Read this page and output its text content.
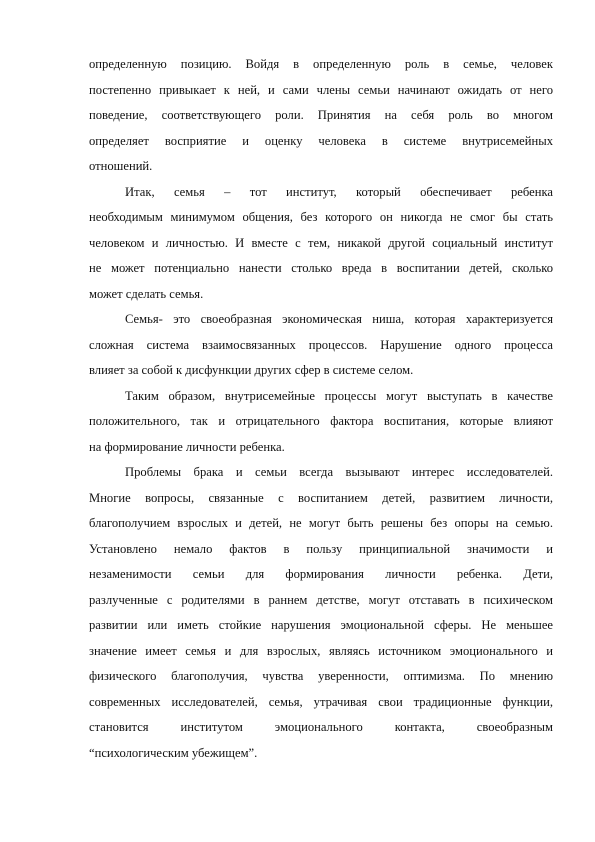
определенную позицию. Войдя в определенную роль в семье, человек
постепенно привыкает к ней, и сами члены семьи начинают ожидать от него
поведение, соответствующего роли. Принятия на себя роль во многом
определяет восприятие и оценку человека в системе внутрисемейных
отношений.
Итак, семья – тот институт, который обеспечивает ребенка
необходимым минимумом общения, без которого он никогда не смог бы стать
человеком и личностью. И вместе с тем, никакой другой социальный институт
не может потенциально нанести столько вреда в воспитании детей, сколько
может сделать семья.
Семья- это своеобразная экономическая ниша, которая характеризуется
сложная система взаимосвязанных процессов. Нарушение одного процесса
влияет за собой к дисфункции других сфер в системе селом.
Таким образом, внутрисемейные процессы могут выступать в качестве
положительного, так и отрицательного фактора воспитания, которые влияют
на формирование личности ребенка.
Проблемы брака и семьи всегда вызывают интерес исследователей.
Многие вопросы, связанные с воспитанием детей, развитием личности,
благополучием взрослых и детей, не могут быть решены без опоры на семью.
Установлено немало фактов в пользу принципиальной значимости и
незаменимости семьи для формирования личности ребенка. Дети,
разлученные с родителями в раннем детстве, могут отставать в психическом
развитии или иметь стойкие нарушения эмоциональной сферы. Не меньшее
значение имеет семья и для взрослых, являясь источником эмоционального и
физического благополучия, чувства уверенности, оптимизма. По мнению
современных исследователей, семья, утрачивая свои традиционные функции,
становится институтом эмоционального контакта, своеобразным
“психологическим убежищем”.
